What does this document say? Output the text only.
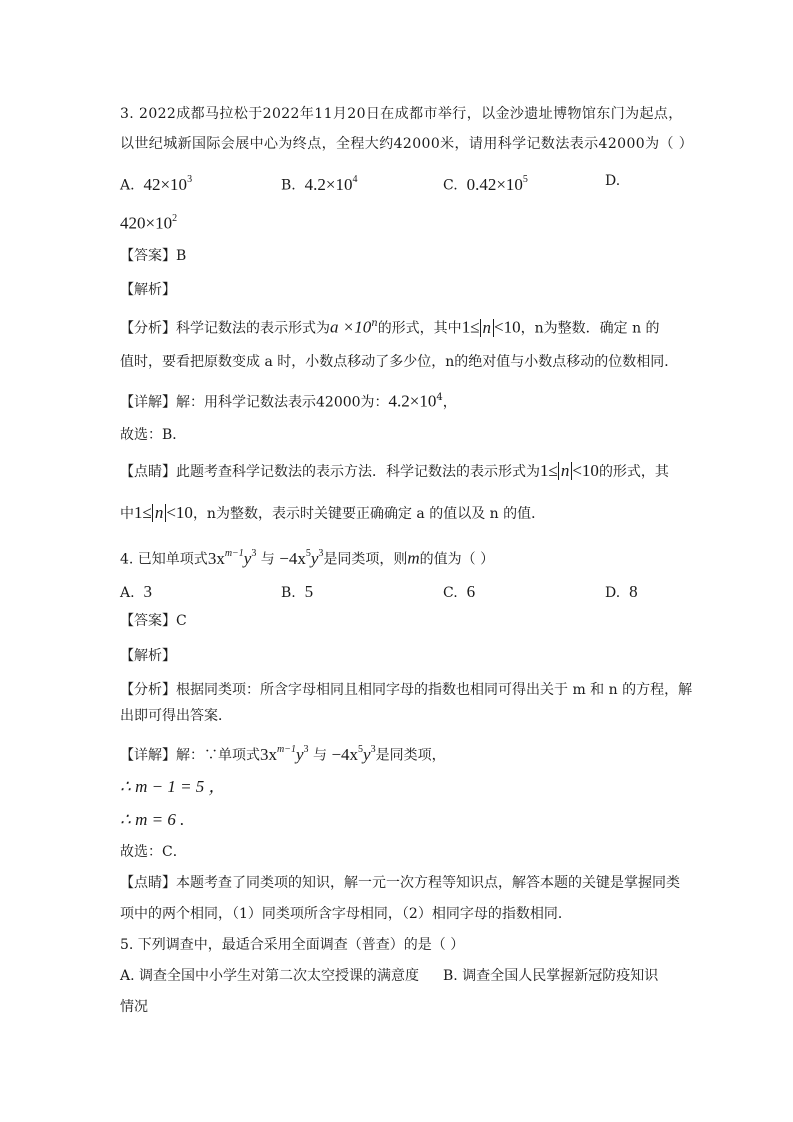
3. 2022成都马拉松于2022年11月20日在成都市举行，以金沙遗址博物馆东门为起点，
以世纪城新国际会展中心为终点，全程大约42000米，请用科学记数法表示42000为（ ）
A. $42\times 10^3$	B. $4.2\times 10^4$	C. $0.42\times 10^5$	D.
$420\times 10^2$
【答案】B
【解析】
【分析】科学记数法的表示形式为$a \times 10^n$的形式，其中1≤ n <10，n为整数．确定 n 的
值时，要看把原数变成 a 时，小数点移动了多少位，n的绝对值与小数点移动的位数相同．
【详解】解：用科学记数法表示42000为：$4.2\times 10^4$，
故选：B．
【点睛】此题考查科学记数法的表示方法．科学记数法的表示形式为1≤ n <10的形式，其
中1≤ n <10，n为整数，表示时关键要正确确定 a 的值以及 n 的值．
4. 已知单项式$3x^{m-1}y^3$ 与 $-4x^5y^3$是同类项，则m的值为（ ）
A. 3	B. 5	C. 6	D. 8
【答案】C
【解析】
【分析】根据同类项：所含字母相同且相同字母的指数也相同可得出关于 m 和 n 的方程，解
出即可得出答案．
【详解】解：∵单项式$3x^{m-1}y^3$ 与 $-4x^5y^3$是同类项，
∴ m − 1 = 5 ，
∴ m = 6 .
故选：C．
【点睛】本题考查了同类项的知识，解一元一次方程等知识点，解答本题的关键是掌握同类
项中的两个相同，（1）同类项所含字母相同，（2）相同字母的指数相同．
5. 下列调查中，最适合采用全面调查（普查）的是（ ）
A. 调查全国中小学生对第二次太空授课的满意度 B. 调查全国人民掌握新冠防疫知识
情况
